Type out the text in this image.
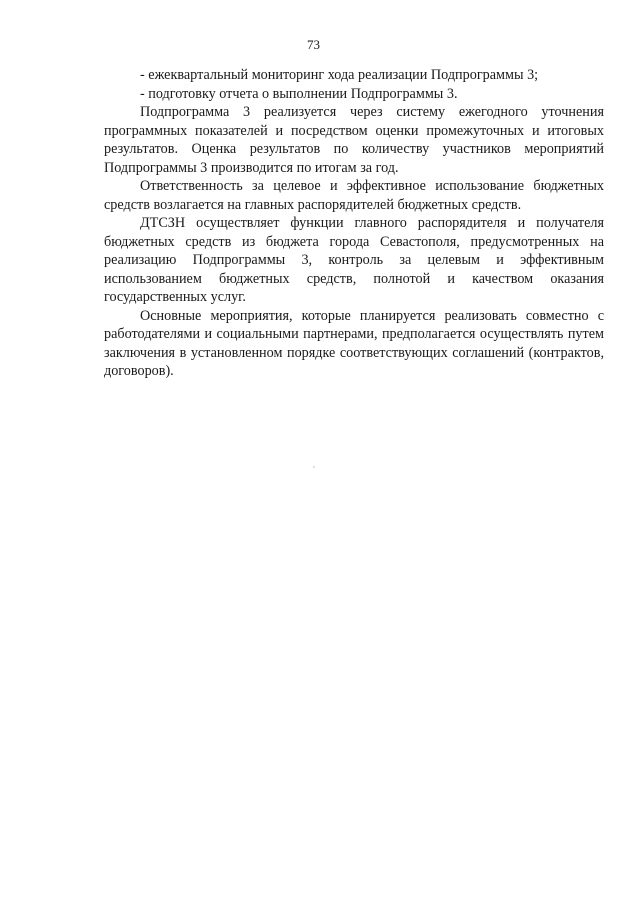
73

- ежеквартальный мониторинг хода реализации Подпрограммы 3;

- подготовку отчета о выполнении Подпрограммы 3.

Подпрограмма 3 реализуется через систему ежегодного уточнения программных показателей и посредством оценки промежуточных и итоговых результатов. Оценка результатов по количеству участников мероприятий Подпрограммы 3 производится по итогам за год.

Ответственность за целевое и эффективное использование бюджетных средств возлагается на главных распорядителей бюджетных средств.

ДТСЗН осуществляет функции главного распорядителя и получателя бюджетных средств из бюджета города Севастополя, предусмотренных на реализацию Подпрограммы 3, контроль за целевым и эффективным использованием бюджетных средств, полнотой и качеством оказания государственных услуг.

Основные мероприятия, которые планируется реализовать совместно с работодателями и социальными партнерами, предполагается осуществлять путем заключения в установленном порядке соответствующих соглашений (контрактов, договоров).
